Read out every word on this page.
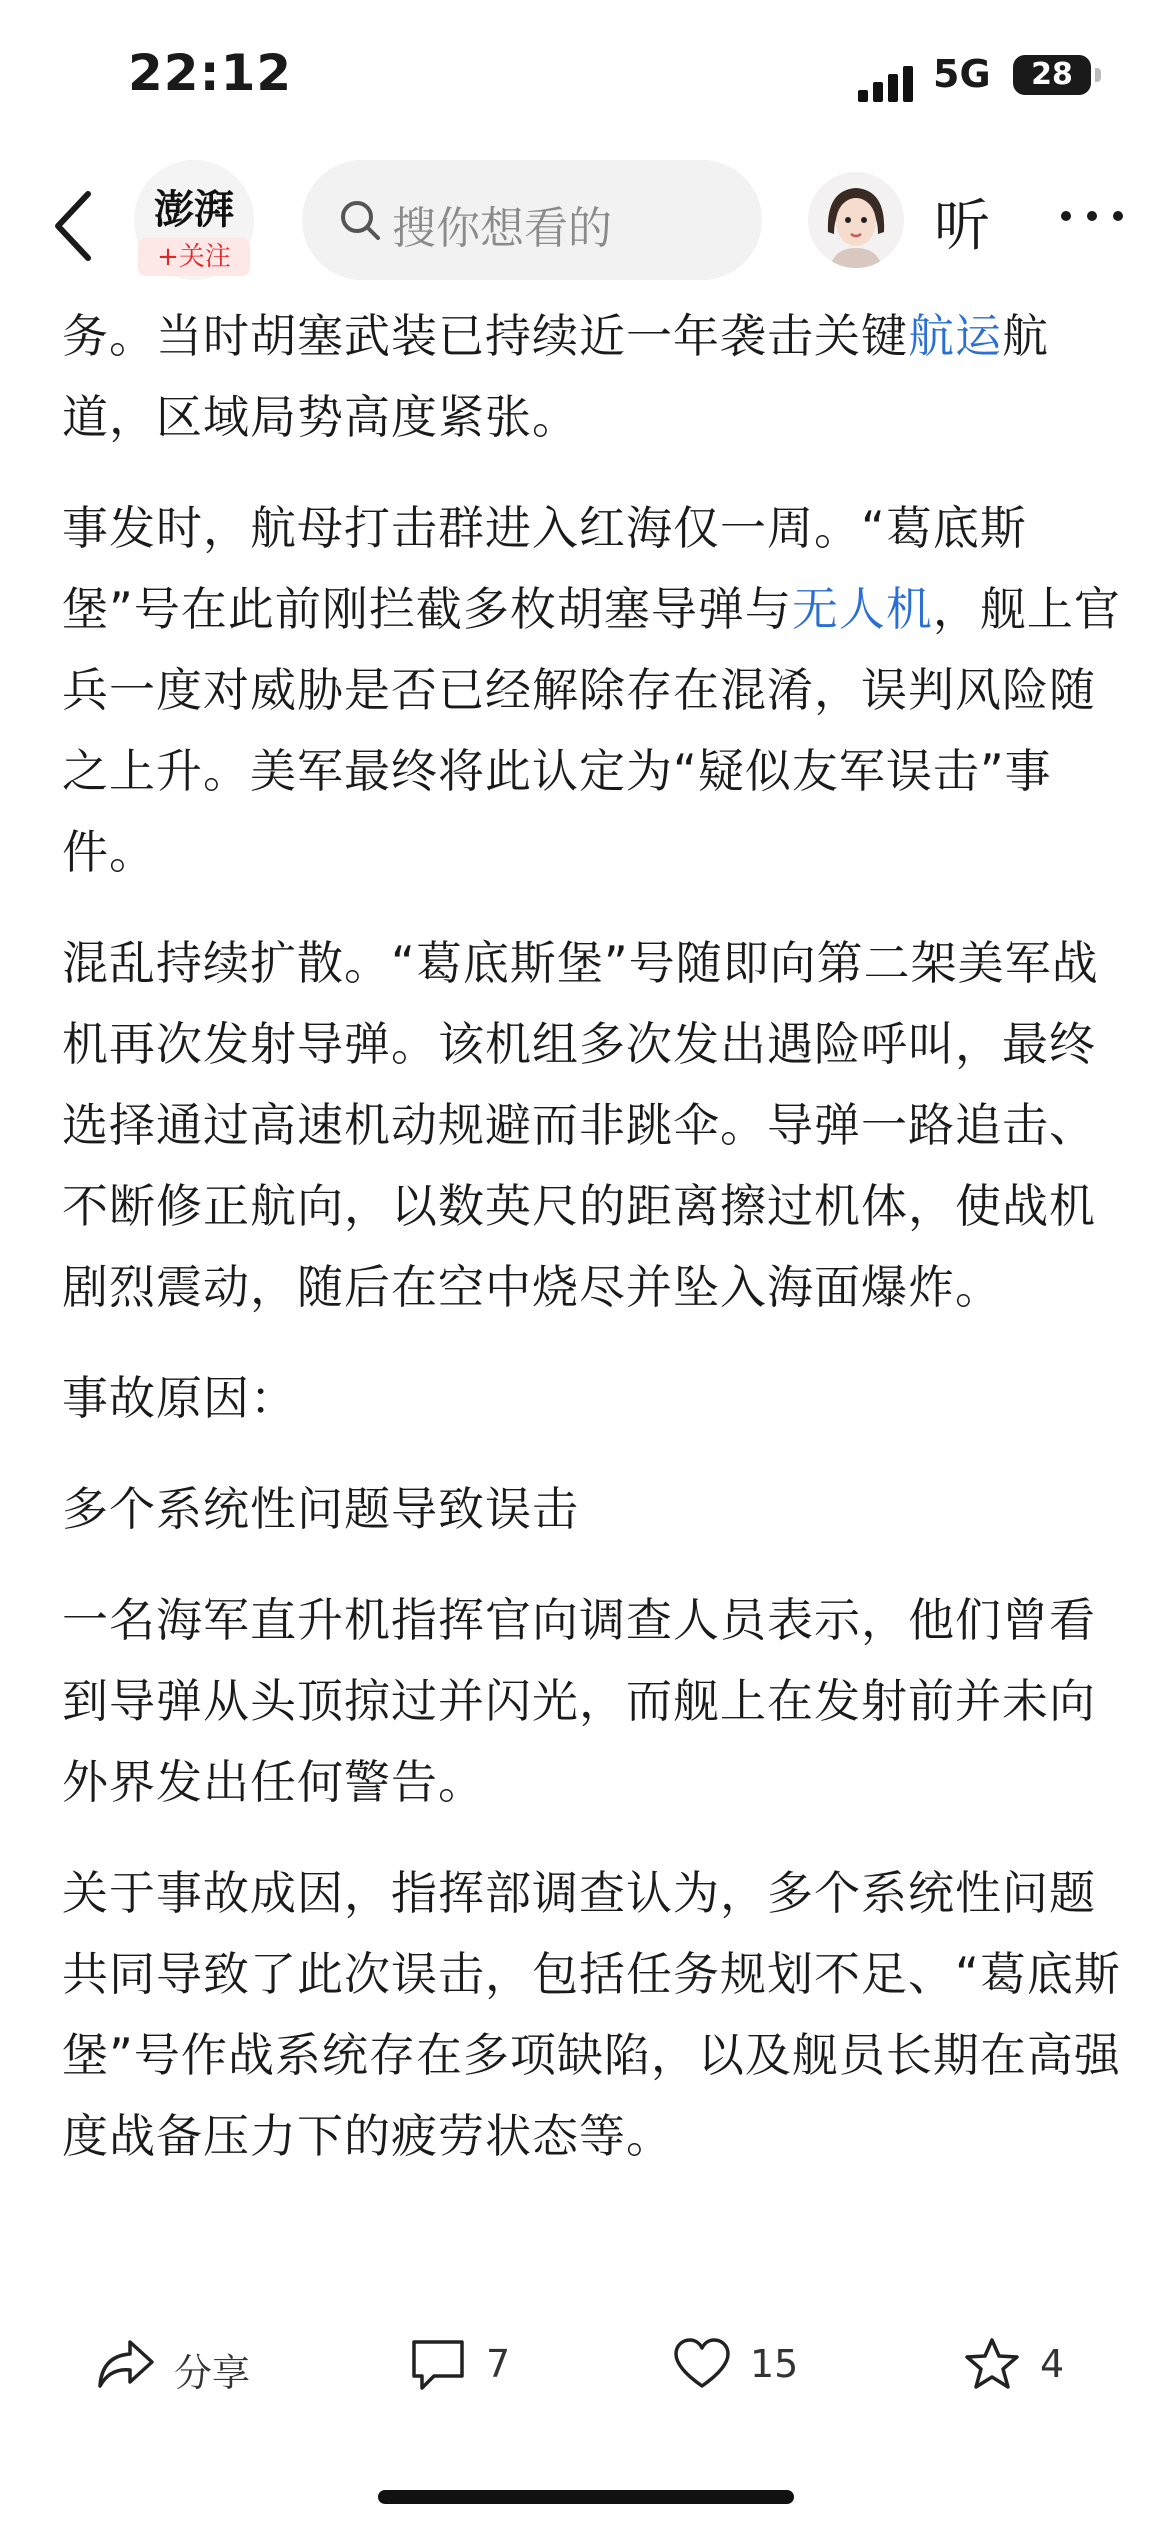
22:12	5G	28
澎湃
+关注
搜你想看的	听

务。当时胡塞武装已持续近一年袭击关键航运航道，区域局势高度紧张。

事发时，航母打击群进入红海仅一周。“葛底斯堡”号在此前刚拦截多枚胡塞导弹与无人机，舰上官兵一度对威胁是否已经解除存在混淆，误判风险随之上升。美军最终将此认定为“疑似友军误击”事件。

混乱持续扩散。“葛底斯堡”号随即向第二架美军战机再次发射导弹。该机组多次发出遇险呼叫，最终选择通过高速机动规避而非跳伞。导弹一路追击、不断修正航向，以数英尺的距离擦过机体，使战机剧烈震动，随后在空中烧尽并坠入海面爆炸。

事故原因：

多个系统性问题导致误击

一名海军直升机指挥官向调查人员表示，他们曾看到导弹从头顶掠过并闪光，而舰上在发射前并未向外界发出任何警告。

关于事故成因，指挥部调查认为，多个系统性问题共同导致了此次误击，包括任务规划不足、“葛底斯堡”号作战系统存在多项缺陷，以及舰员长期在高强度战备压力下的疲劳状态等。

分享	7	15	4
